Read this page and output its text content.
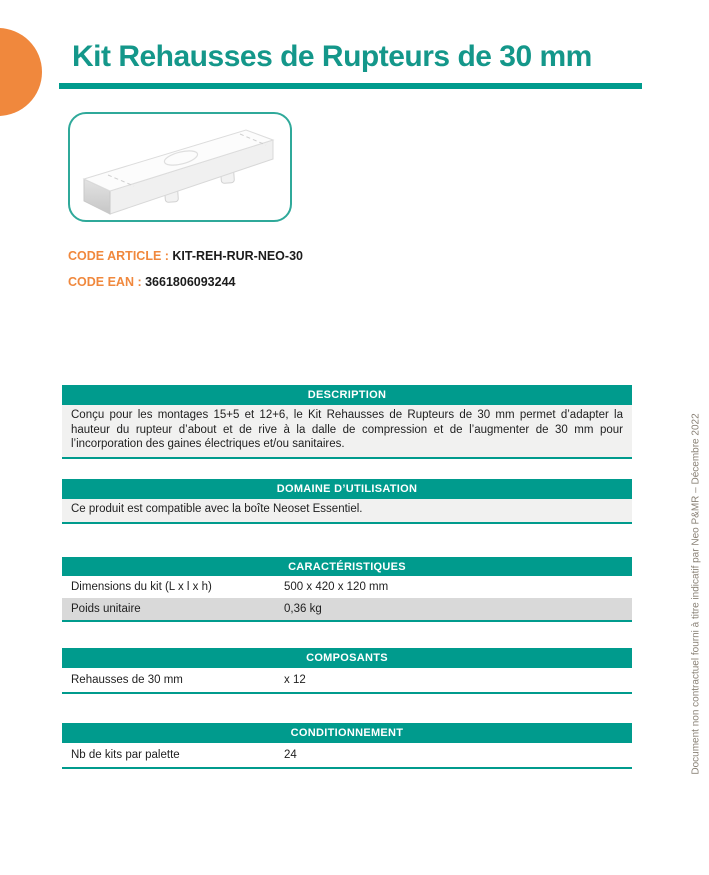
Kit Rehausses de Rupteurs de 30 mm
CODE ARTICLE : KIT-REH-RUR-NEO-30
CODE EAN : 3661806093244
DESCRIPTION
Conçu pour les montages 15+5 et 12+6, le Kit Rehausses de Rupteurs de 30 mm permet d’adapter la hauteur du rupteur d’about et de rive à la dalle de compression et de l’augmenter de 30 mm pour l’incorporation des gaines électriques et/ou sanitaires.
DOMAINE D’UTILISATION
Ce produit est compatible avec la boîte Neoset Essentiel.
CARACTÉRISTIQUES
Dimensions du kit (L x l x h)	500 x 420 x 120 mm
Poids unitaire	0,36 kg
COMPOSANTS
Rehausses de 30 mm	x 12
CONDITIONNEMENT
Nb de kits par palette	24	Document non contractuel fourni à titre indicatif par Neo P&MR – Décembre 2022
